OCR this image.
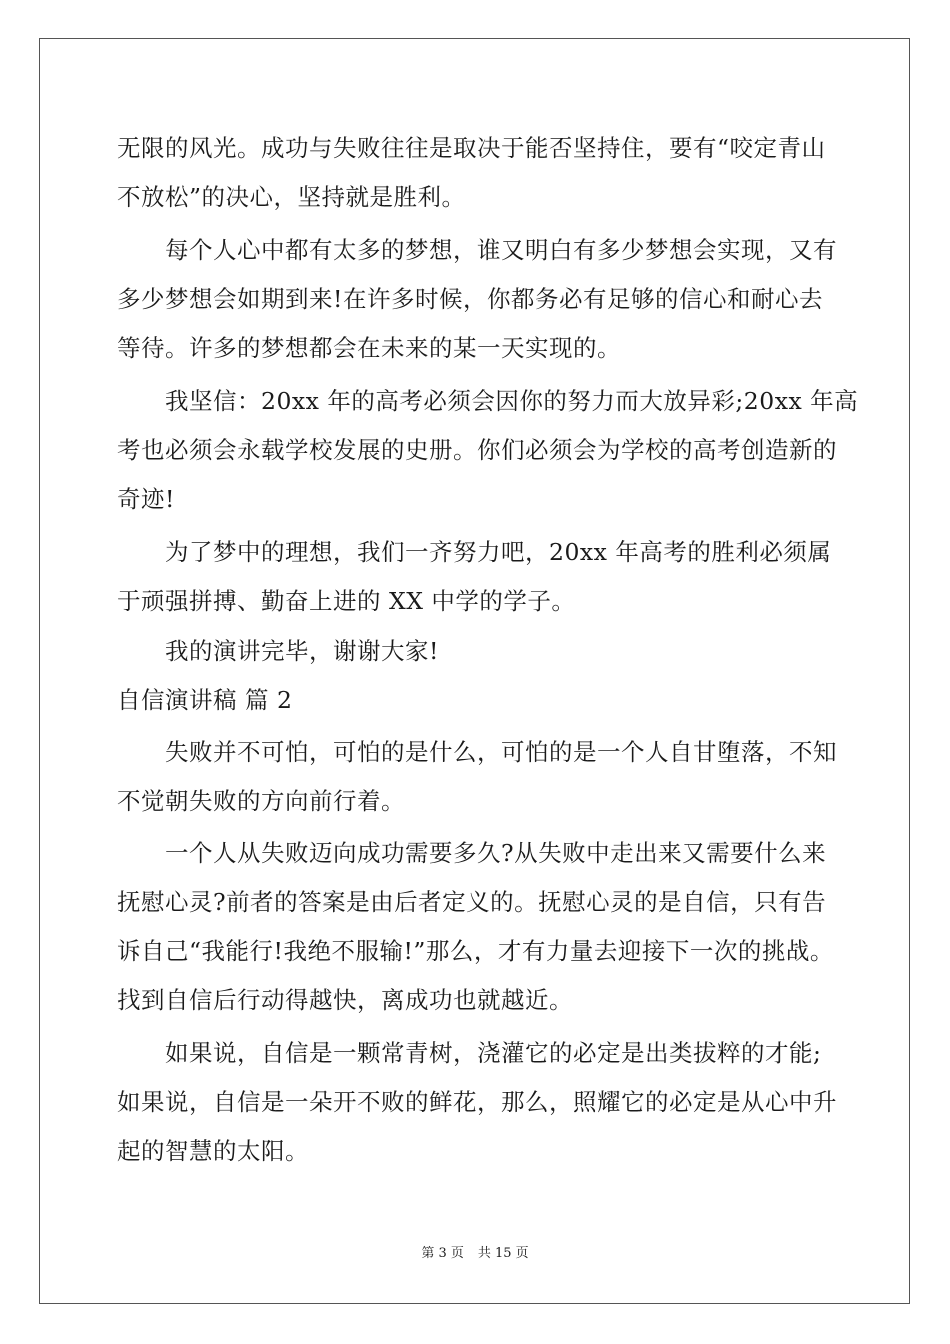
无限的风光。成功与失败往往是取决于能否坚持住，要有“咬定青山
不放松”的决心，坚持就是胜利。
每个人心中都有太多的梦想，谁又明白有多少梦想会实现，又有
多少梦想会如期到来!在许多时候，你都务必有足够的信心和耐心去
等待。许多的梦想都会在未来的某一天实现的。
我坚信：20xx 年的高考必须会因你的努力而大放异彩;20xx 年高
考也必须会永载学校发展的史册。你们必须会为学校的高考创造新的
奇迹!
为了梦中的理想，我们一齐努力吧，20xx 年高考的胜利必须属
于顽强拼搏、勤奋上进的 XX 中学的学子。
我的演讲完毕，谢谢大家!
自信演讲稿 篇 2
失败并不可怕，可怕的是什么，可怕的是一个人自甘堕落，不知
不觉朝失败的方向前行着。
一个人从失败迈向成功需要多久?从失败中走出来又需要什么来
抚慰心灵?前者的答案是由后者定义的。抚慰心灵的是自信，只有告
诉自己“我能行!我绝不服输!”那么，才有力量去迎接下一次的挑战。
找到自信后行动得越快，离成功也就越近。
如果说，自信是一颗常青树，浇灌它的必定是出类拔粹的才能;
如果说，自信是一朵开不败的鲜花，那么，照耀它的必定是从心中升
起的智慧的太阳。
第 3 页 共 15 页
